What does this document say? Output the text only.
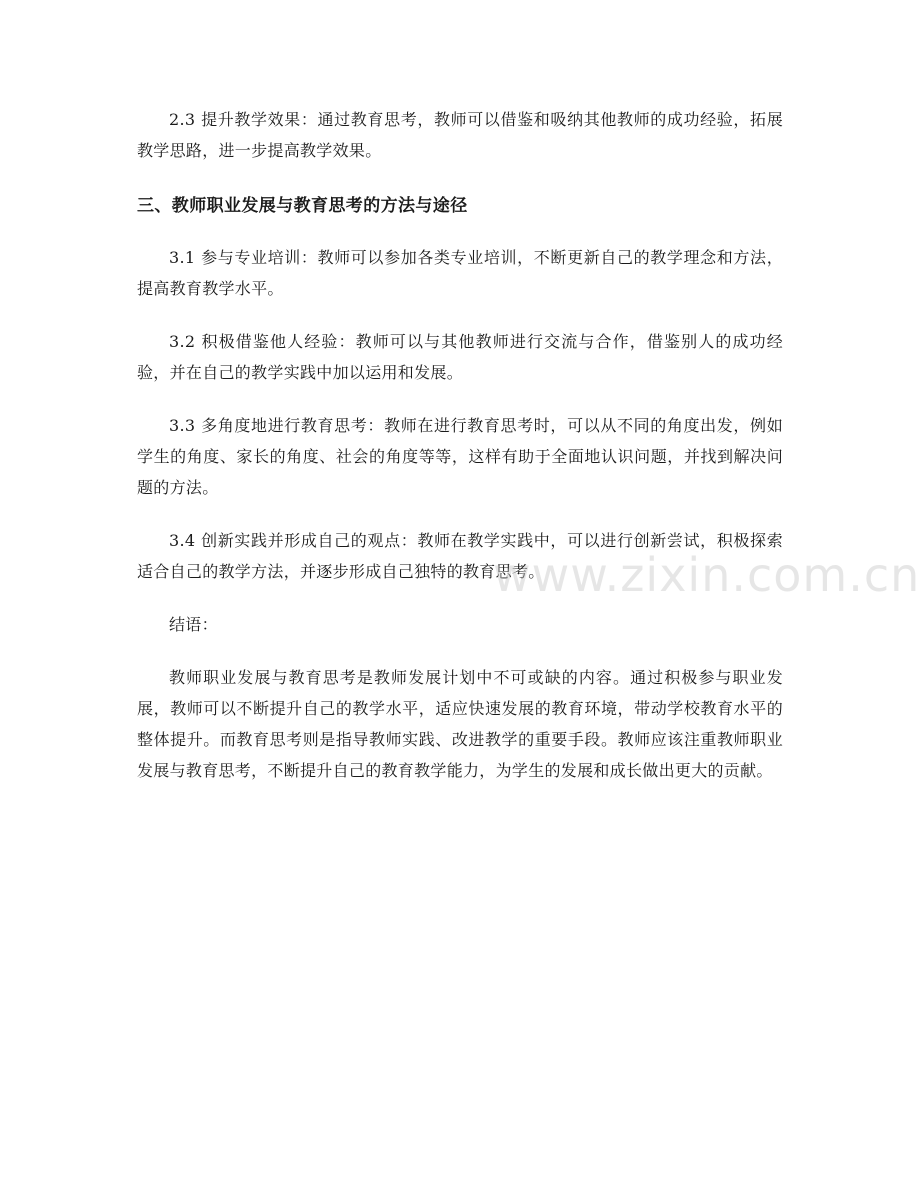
2.3 提升教学效果：通过教育思考，教师可以借鉴和吸纳其他教师的成功经验，拓展教学思路，进一步提高教学效果。

三、教师职业发展与教育思考的方法与途径

3.1 参与专业培训：教师可以参加各类专业培训，不断更新自己的教学理念和方法，提高教育教学水平。

3.2 积极借鉴他人经验：教师可以与其他教师进行交流与合作，借鉴别人的成功经验，并在自己的教学实践中加以运用和发展。

3.3 多角度地进行教育思考：教师在进行教育思考时，可以从不同的角度出发，例如学生的角度、家长的角度、社会的角度等等，这样有助于全面地认识问题，并找到解决问题的方法。

3.4 创新实践并形成自己的观点：教师在教学实践中，可以进行创新尝试，积极探索适合自己的教学方法，并逐步形成自己独特的教育思考。

结语：

教师职业发展与教育思考是教师发展计划中不可或缺的内容。通过积极参与职业发展，教师可以不断提升自己的教学水平，适应快速发展的教育环境，带动学校教育水平的整体提升。而教育思考则是指导教师实践、改进教学的重要手段。教师应该注重教师职业发展与教育思考，不断提升自己的教育教学能力，为学生的发展和成长做出更大的贡献。

www.zixin.com.cn
